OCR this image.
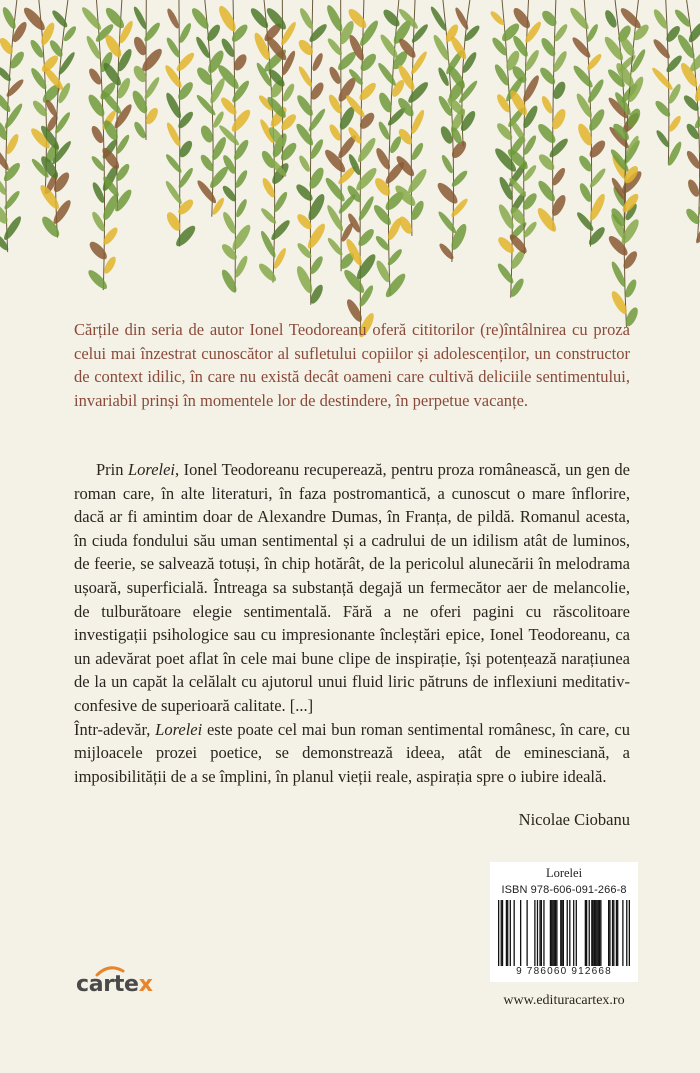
Cărțile din seria de autor Ionel Teodoreanu oferă cititorilor (re)întâlnirea cu proza celui mai înzestrat cunoscător al sufletului copiilor și adolescenților, un constructor de context idilic, în care nu există decât oameni care cultivă deliciile sentimentului, invariabil prinși în momentele lor de destindere, în perpetue vacanțe.

Prin Lorelei, Ionel Teodoreanu recuperează, pentru proza românească, un gen de roman care, în alte literaturi, în faza postromantică, a cunoscut o mare înflorire, dacă ar fi amintim doar de Alexandre Dumas, în Franța, de pildă. Romanul acesta, în ciuda fondului său uman sentimental și a cadrului de un idilism atât de luminos, de feerie, se salvează totuși, în chip hotărât, de la pericolul alunecării în melodrama ușoară, superficială. Întreaga sa substanță degajă un fermecător aer de melancolie, de tulburătoare elegie sentimentală. Fără a ne oferi pagini cu răscolitoare investigații psihologice sau cu impresionante încleștări epice, Ionel Teodoreanu, ca un adevărat poet aflat în cele mai bune clipe de inspirație, își potențează narațiunea de la un capăt la celălalt cu ajutorul unui fluid liric pătruns de inflexiuni meditativ-confesive de superioară calitate. [...]

Într-adevăr, Lorelei este poate cel mai bun roman sentimental românesc, în care, cu mijloacele prozei poetice, se demonstrează ideea, atât de eminesciană, a imposibilității de a se împlini, în planul vieții reale, aspirația spre o iubire ideală.

Nicolae Ciobanu
Lorelei
ISBN 978-606-091-266-8
9 786060 912668
www.edituracartex.ro
cartex
